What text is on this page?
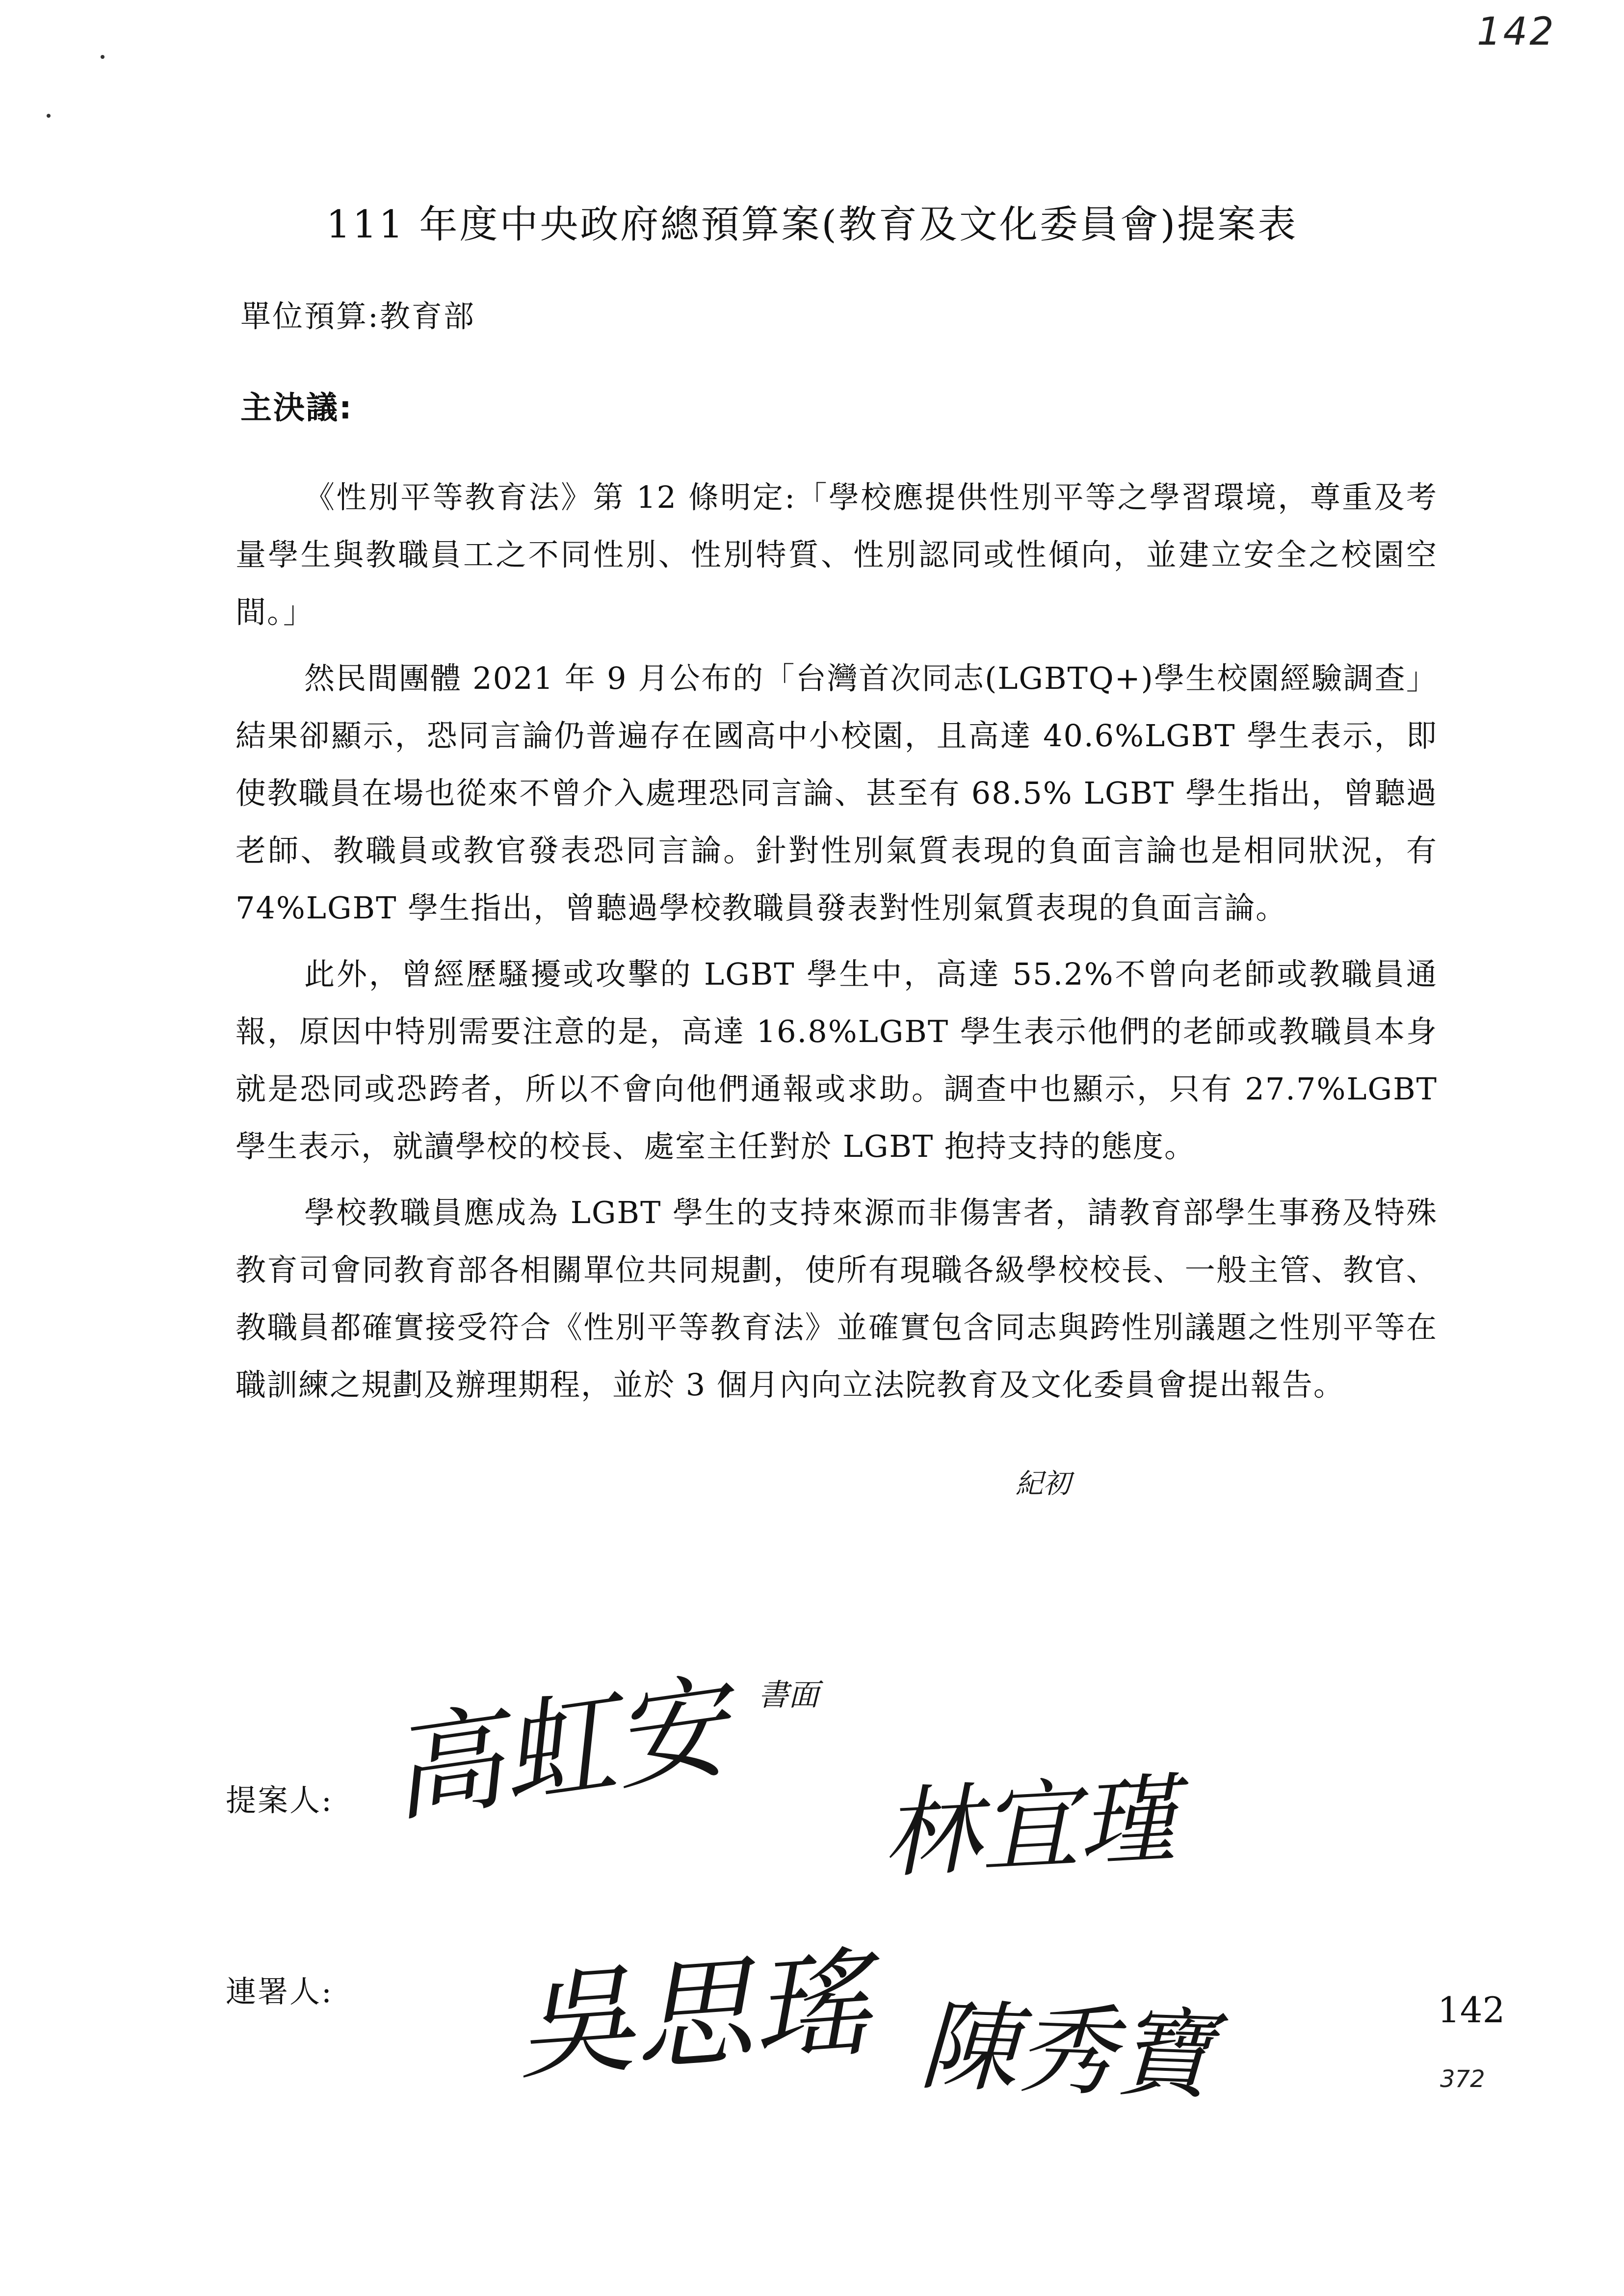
142
111 年度中央政府總預算案(教育及文化委員會)提案表
單位預算:教育部
主決議:

《性別平等教育法》第 12 條明定:「學校應提供性別平等之學習環境，尊重及考量學生與教職員工之不同性別、性別特質、性別認同或性傾向，並建立安全之校園空間。」

然民間團體 2021 年 9 月公布的「台灣首次同志(LGBTQ+)學生校園經驗調查」結果卻顯示，恐同言論仍普遍存在國高中小校園，且高達 40.6%LGBT 學生表示，即使教職員在場也從來不曾介入處理恐同言論、甚至有 68.5% LGBT 學生指出，曾聽過老師、教職員或教官發表恐同言論。針對性別氣質表現的負面言論也是相同狀況，有 74%LGBT 學生指出，曾聽過學校教職員發表對性別氣質表現的負面言論。

此外，曾經歷騷擾或攻擊的 LGBT 學生中，高達 55.2%不曾向老師或教職員通報，原因中特別需要注意的是，高達 16.8%LGBT 學生表示他們的老師或教職員本身就是恐同或恐跨者，所以不會向他們通報或求助。調查中也顯示，只有 27.7%LGBT 學生表示，就讀學校的校長、處室主任對於 LGBT 抱持支持的態度。

學校教職員應成為 LGBT 學生的支持來源而非傷害者，請教育部學生事務及特殊教育司會同教育部各相關單位共同規劃，使所有現職各級學校校長、一般主管、教官、教職員都確實接受符合《性別平等教育法》並確實包含同志與跨性別議題之性別平等在職訓練之規劃及辦理期程，並於 3 個月內向立法院教育及文化委員會提出報告。

紀初
書面
提案人:
連署人:
高虹安
吳思瑤
林宜瑾
陳秀寶	142
372
